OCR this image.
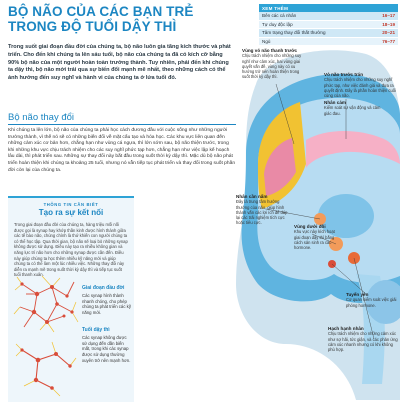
BỘ NÃO CỦA CÁC BẠN TRẺ
TRONG ĐỘ TUỔI DẬY THÌ
XEM THÊM
Bên các cá nhân	16–17
Tự duy độc lập	18–19
Tâm trạng thay đổi thất thường	20–21
Ngủ	76–77

Trong suốt giai đoạn đầu đời của chúng ta, bộ não luôn gia tăng kích thước và phát triển. Cho đến khi chúng ta lên sáu tuổi, bộ não của chúng ta đã có kích cỡ bằng 90% bộ não của một người hoàn toàn trưởng thành. Tuy nhiên, phải đến khi chúng ta dậy thì, bộ não mới trải qua sự biến đổi mạnh mẽ nhất, theo những cách có thể ảnh hưởng đến suy nghĩ và hành vi của chúng ta ở lứa tuổi đó.

Bộ não thay đổi

Khi chúng ta lên lớn, bộ não của chúng ta phải học cách đương đầu với cuộc sống như những người trưởng thành, vì thế nó sẽ có những biến đổi về mặt cấu tạo và hóa học. Các khu vực liên quan đến những cảm xúc cơ bản hơn, chẳng hạn như vùng cá ngựa, thì lớn sớm sau, bộ não thiện trước, trong khi những khu vực chịu trách nhiệm cho các suy nghĩ phức tạp hơn, chẳng hạn như việc lập kế hoạch lâu dài, thì phát triển sau. Những sự thay đổi này bắt đầu trong suốt thời kỳ dậy thì. Mặc dù bộ não phát triển hoàn thiện khi chúng ta khoảng 25 tuổi, nhưng nó vẫn tiếp tục phát triển và thay đổi trong suốt phần đời còn lại của chúng ta.

THÔNG TIN CẦN BIẾT
Tạo ra sự kết nối

Trong giai đoạn đầu đời của chúng ta, hàng triệu mối nối được gọi là synap hay khớp thần kinh được hình thành giữa các tế bào não, chúng chính là thứ khiến con người chúng ta có thể học tập. Qua thời gian, bộ não sẽ loại bỏ những synap không được sử dụng. Điều này tạo ra nhiều không gian và năng lực trí não hơn cho những synap được cần đến. Điều này giúp chúng ta học thêm nhiều kỹ năng mới và giúp chúng ta có thể làm một lúc nhiều việc. Những thay đổi này diễn ra mạnh mẽ trong suốt thời kỳ dậy thì và tiếp tục suốt tuổi thanh xuân.

Giai đoạn đầu đời
Các synap hình thành nhanh chóng, cho phép chúng ta phát triển các kỹ năng mới.
Tuổi dậy thì
Các synap không được sử dụng đến dần biến mất, trong khi các synap được sử dụng thường xuyên trở nên mạnh hơn.
Vùng vỏ não thanh trước
Chịu trách nhiệm cho những suy nghĩ như cảm xúc, hai vùng giai quyết vấn đề, vùng này có xu hướng trở nên hoàn thiện trong suốt thời kỳ dậy thì.	Vỏ não trước trán
Chịu trách nhiệm cho những suy nghĩ phức tạp, như việc đánh giá và đưa ra quyết định. Đây là phần hoàn thiện cuối cùng của não.
Nhân cảm
Kiểm soát sự vận động và cảm giác đau.
Nhân cần nấm
Đây là trung tâm hưởng thưởng của não, giúp hình thành vấn các lợi ích để đáp lại các trải nghiệm tích cực hoặc tiêu cực.
Vùng dưới đồi
Khu vực này kích hoạt giai đoạn dậy thì bằng cách sản sinh ra các hormone.
Tuyến yên
Cơ quan kiểm soát việc giải phóng hormone.
Hạch hạnh nhân
Chịu trách nhiệm cho những cảm xúc như sợ hãi, tức giận, và các phản ứng cảm xúc nhanh nhưng có khi không phù hợp.
